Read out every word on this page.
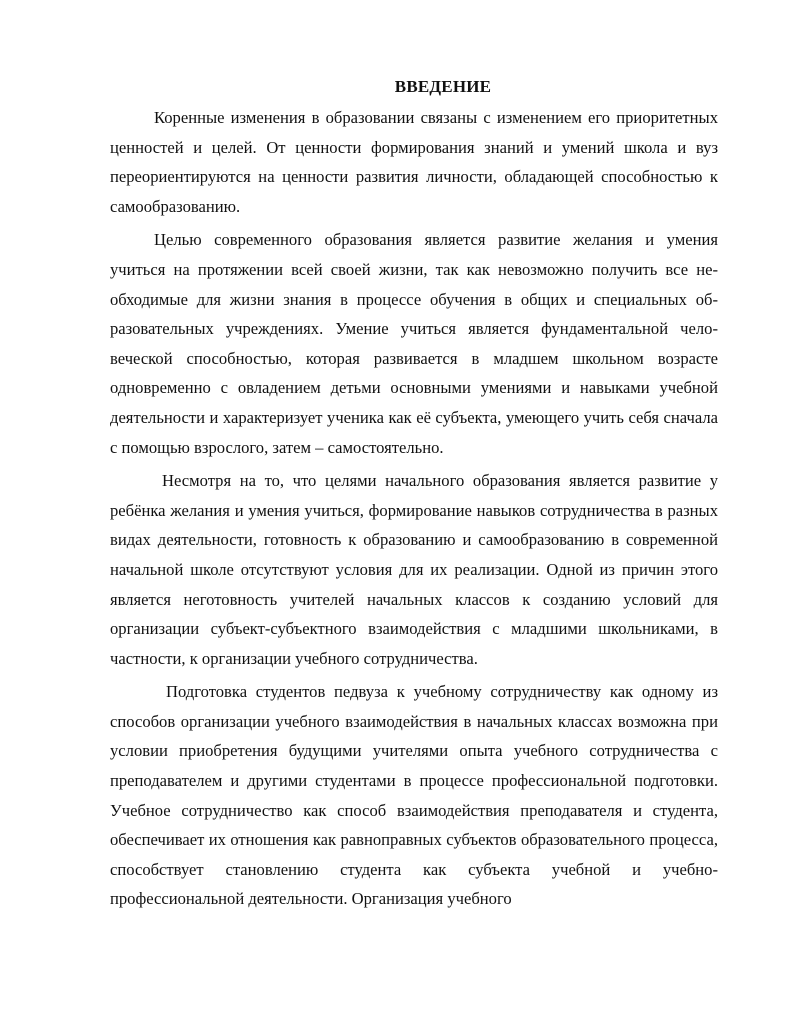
ВВЕДЕНИЕ

Коренные изменения в образовании связаны с изменением его приоритетных ценностей и целей. От ценности формирования знаний и умений школа и вуз переориентируются на ценности развития личности, обладающей способностью к самообразованию.

Целью современного образования является развитие желания и умения учиться на протяжении всей своей жизни, так как невозможно получить все необходимые для жизни знания в процессе обучения в общих и специальных образовательных учреждениях. Умение учиться является фундаментальной человеческой способностью, которая развивается в младшем школьном возрасте одновременно с овладением детьми основными умениями и навыками учебной деятельности и характеризует ученика как её субъекта, умеющего учить себя сначала с помощью взрослого, затем – самостоятельно.

Несмотря на то, что целями начального образования является развитие у ребёнка желания и умения учиться, формирование навыков сотрудничества в разных видах деятельности, готовность к образованию и самообразованию в современной начальной школе отсутствуют условия для их реализации. Одной из причин этого является неготовность учителей начальных классов к созданию условий для организации субъект-субъектного взаимодействия с младшими школьниками, в частности, к организации учебного сотрудничества.

Подготовка студентов педвуза к учебному сотрудничеству как одному из способов организации учебного взаимодействия в начальных классах возможна при условии приобретения будущими учителями опыта учебного сотрудничества с преподавателем и другими студентами в процессе профессиональной подготовки. Учебное сотрудничество как способ взаимодействия преподавателя и студента, обеспечивает их отношения как равноправных субъектов образовательного процесса, способствует становлению студента как субъекта учебной и учебно-профессиональной деятельности. Организация учебного
